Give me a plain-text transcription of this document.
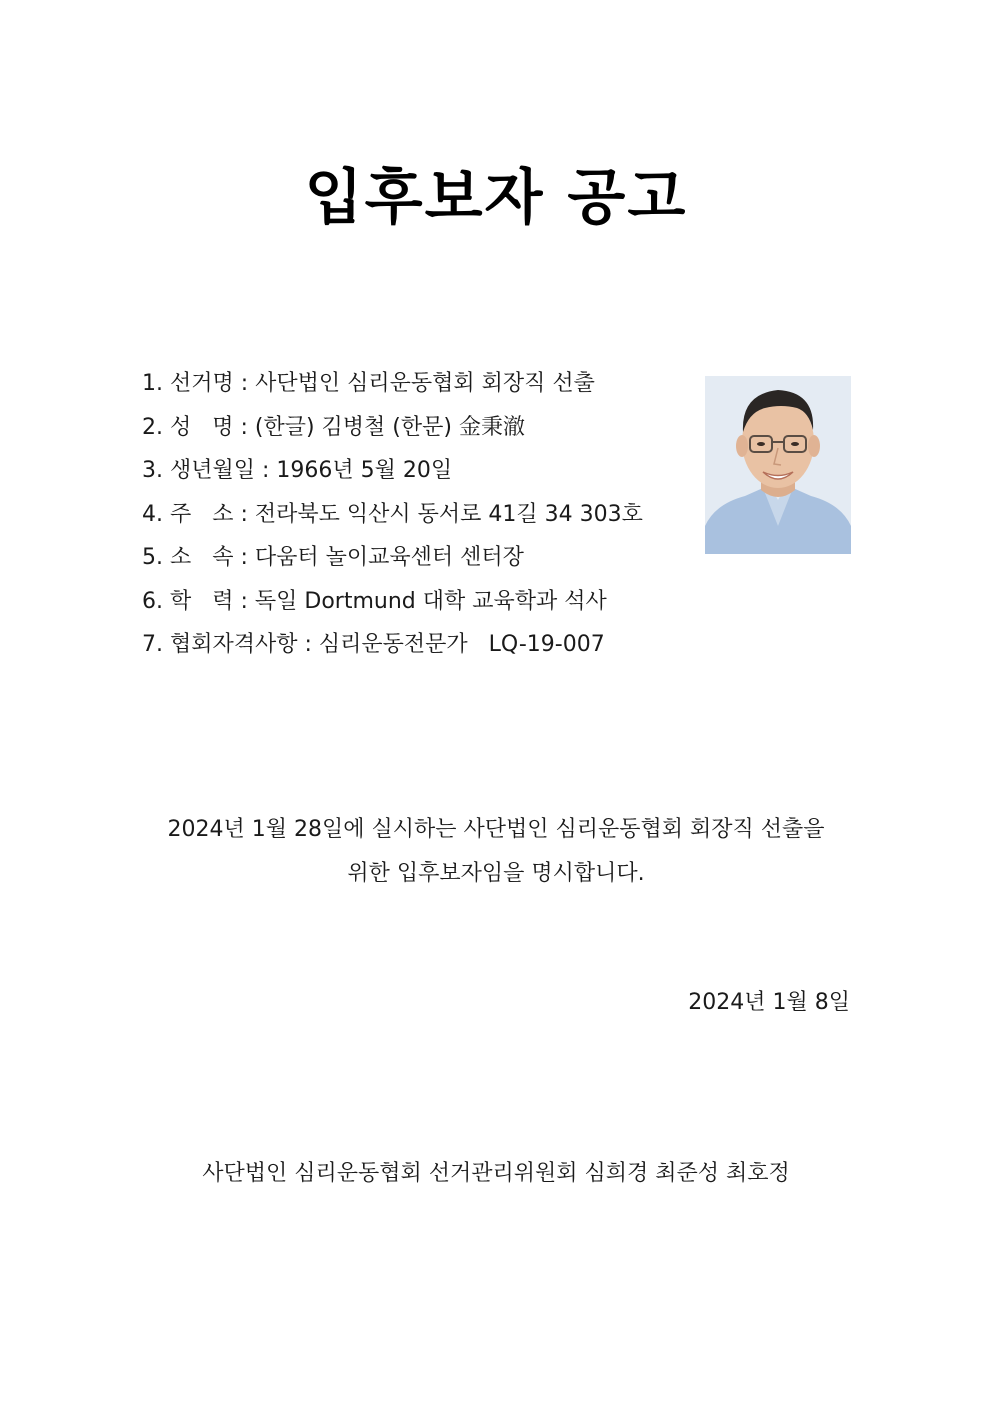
입후보자 공고
1. 선거명 : 사단법인 심리운동협회 회장직 선출
2. 성   명 : (한글) 김병철 (한문) 金秉澈
3. 생년월일 : 1966년 5월 20일
4. 주   소 : 전라북도 익산시 동서로 41길 34 303호
5. 소   속 : 다움터 놀이교육센터 센터장
6. 학   력 : 독일 Dortmund 대학 교육학과 석사
7. 협회자격사항 : 심리운동전문가   LQ-19-007
2024년 1월 28일에 실시하는 사단법인 심리운동협회 회장직 선출을
위한 입후보자임을 명시합니다.
2024년 1월 8일
사단법인 심리운동협회 선거관리위원회 심희경 최준성 최호정
